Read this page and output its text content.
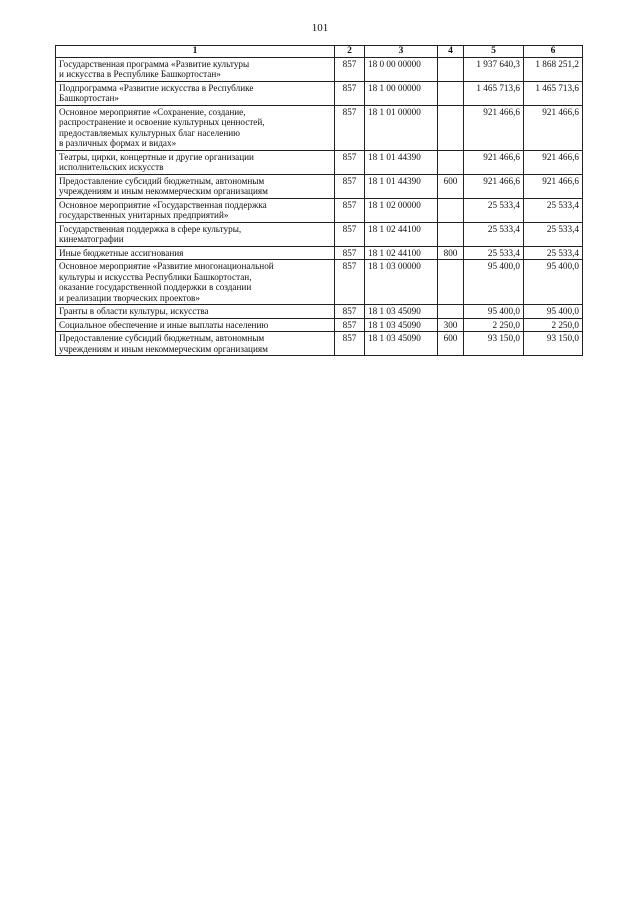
101
1	2	3	4	5	6

Государственная программа «Развитие культуры
и искусства в Республике Башкортостан»	857	18 0 00 00000		1 937 640,3	1 868 251,2

Подпрограмма «Развитие искусства в Республике
Башкортостан»	857	18 1 00 00000		1 465 713,6	1 465 713,6

Основное мероприятие «Сохранение, создание,
распространение и освоение культурных ценностей,
предоставляемых культурных благ населению
в различных формах и видах»	857	18 1 01 00000		921 466,6	921 466,6

Театры, цирки, концертные и другие организации
исполнительских искусств	857	18 1 01 44390		921 466,6	921 466,6

Предоставление субсидий бюджетным, автономным
учреждениям и иным некоммерческим организациям	857	18 1 01 44390	600	921 466,6	921 466,6

Основное мероприятие «Государственная поддержка
государственных унитарных предприятий»	857	18 1 02 00000		25 533,4	25 533,4

Государственная поддержка в сфере культуры,
кинематографии	857	18 1 02 44100		25 533,4	25 533,4

Иные бюджетные ассигнования	857	18 1 02 44100	800	25 533,4	25 533,4

Основное мероприятие «Развитие многонациональной
культуры и искусства Республики Башкортостан,
оказание государственной поддержки в создании
и реализации творческих проектов»	857	18 1 03 00000		95 400,0	95 400,0

Гранты в области культуры, искусства	857	18 1 03 45090		95 400,0	95 400,0

Социальное обеспечение и иные выплаты населению	857	18 1 03 45090	300	2 250,0	2 250,0

Предоставление субсидий бюджетным, автономным
учреждениям и иным некоммерческим организациям	857	18 1 03 45090	600	93 150,0	93 150,0
